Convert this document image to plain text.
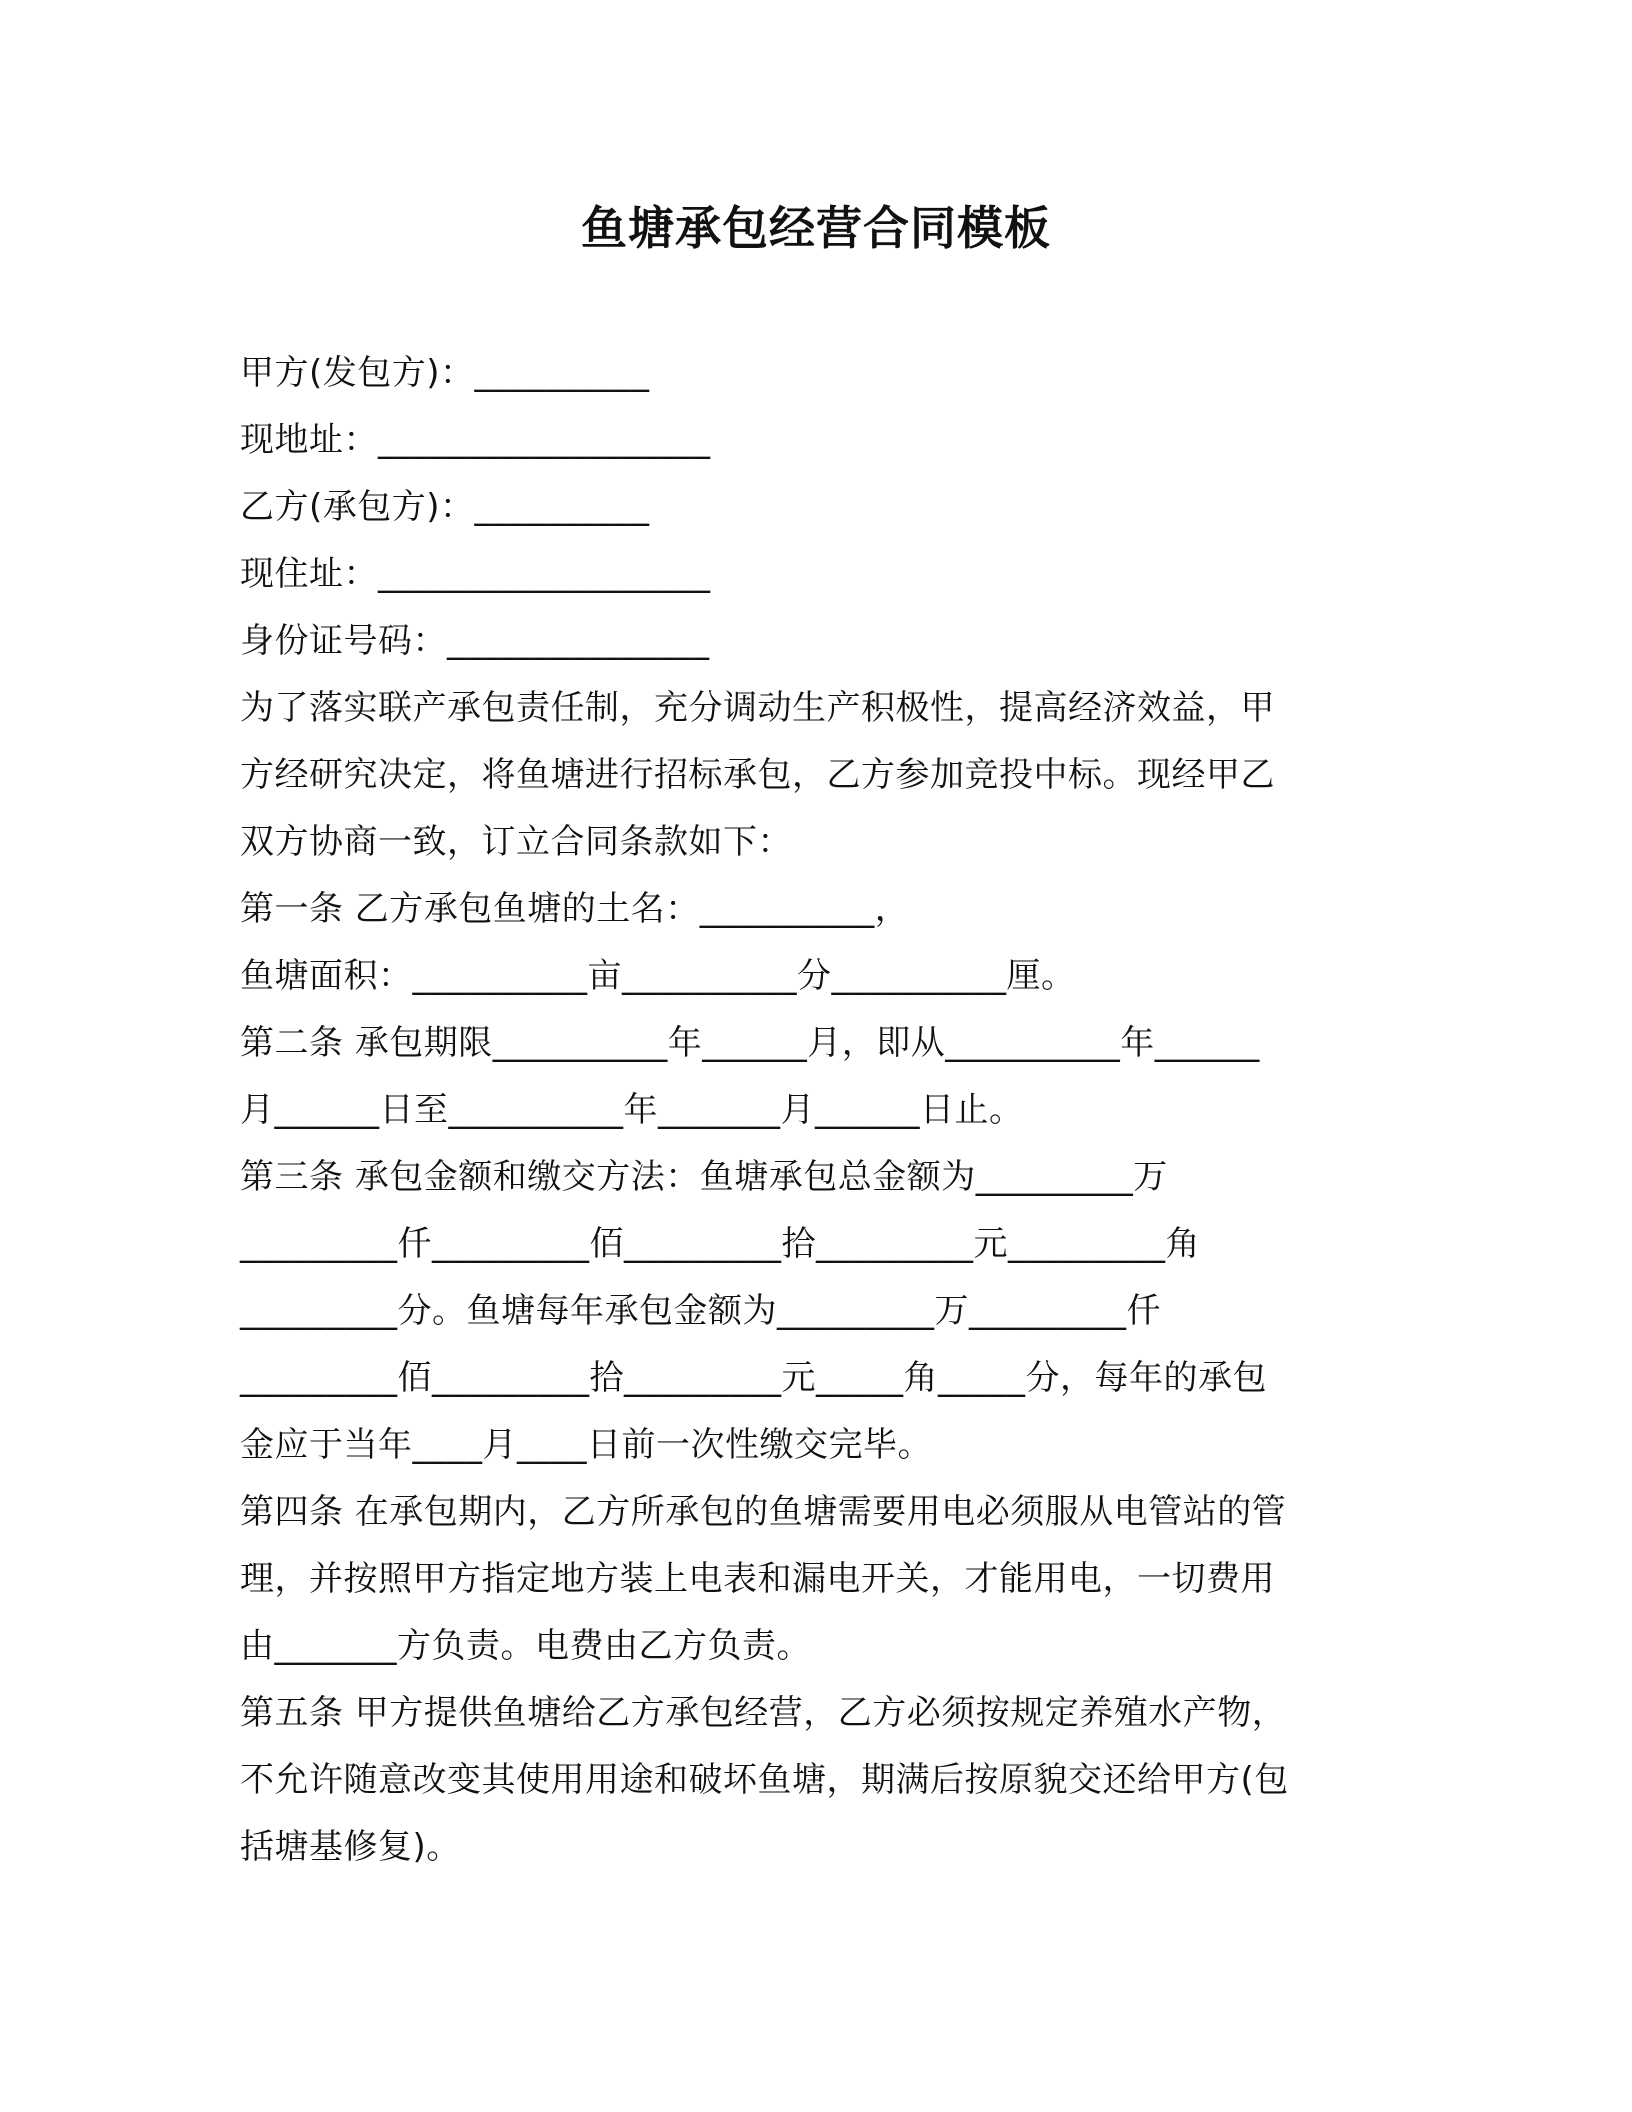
鱼塘承包经营合同模板
甲方(发包方)：__________
现地址：___________________
乙方(承包方)：__________
现住址：___________________
身份证号码：_______________
为了落实联产承包责任制，充分调动生产积极性，提高经济效益，甲
方经研究决定，将鱼塘进行招标承包，乙方参加竞投中标。现经甲乙
双方协商一致，订立合同条款如下：
第一条 乙方承包鱼塘的土名：__________，
鱼塘面积：__________亩__________分__________厘。
第二条 承包期限__________年______月，即从__________年______
月______日至__________年_______月______日止。
第三条 承包金额和缴交方法：鱼塘承包总金额为_________万
_________仟_________佰_________拾_________元_________角
_________分。鱼塘每年承包金额为_________万_________仟
_________佰_________拾_________元_____角_____分，每年的承包
金应于当年____月____日前一次性缴交完毕。
第四条 在承包期内，乙方所承包的鱼塘需要用电必须服从电管站的管
理，并按照甲方指定地方装上电表和漏电开关，才能用电，一切费用
由_______方负责。电费由乙方负责。
第五条 甲方提供鱼塘给乙方承包经营，乙方必须按规定养殖水产物，
不允许随意改变其使用用途和破坏鱼塘，期满后按原貌交还给甲方(包
括塘基修复)。
